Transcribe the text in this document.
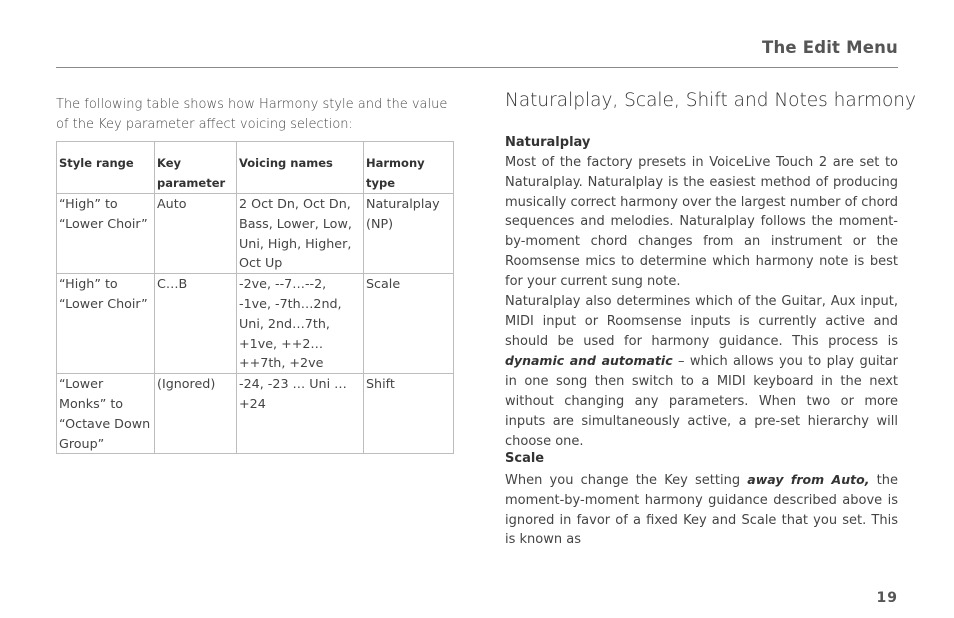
The Edit Menu

The following table shows how Harmony style and the value of the Key parameter affect voicing selection:

Style range	Key parameter	Voicing names	Harmony type
“High” to “Lower Choir”	Auto	2 Oct Dn, Oct Dn, Bass, Lower, Low, Uni, High, Higher, Oct Up	Naturalplay (NP)
“High” to “Lower Choir”	C…B	-2ve, --7…--2, -1ve, -7th…2nd, Uni, 2nd…7th, +1ve, ++2…++7th, +2ve	Scale
“Lower Monks” to “Octave Down Group”	(Ignored)	-24, -23 … Uni … +24	Shift
Naturalplay, Scale, Shift and Notes harmony
Naturalplay

Most of the factory presets in VoiceLive Touch 2 are set to Naturalplay. Naturalplay is the easiest method of producing musically correct harmony over the largest number of chord sequences and melodies. Naturalplay follows the moment-by-moment chord changes from an instrument or the Roomsense mics to determine which harmony note is best for your current sung note.

Naturalplay also determines which of the Guitar, Aux input, MIDI input or Roomsense inputs is currently active and should be used for harmony guidance. This process is dynamic and automatic – which allows you to play guitar in one song then switch to a MIDI keyboard in the next without changing any parameters. When two or more inputs are simultaneously active, a pre-set hierarchy will choose one.

Scale

When you change the Key setting away from Auto, the moment-by-moment harmony guidance described above is ignored in favor of a fixed Key and Scale that you set. This is known as

19
